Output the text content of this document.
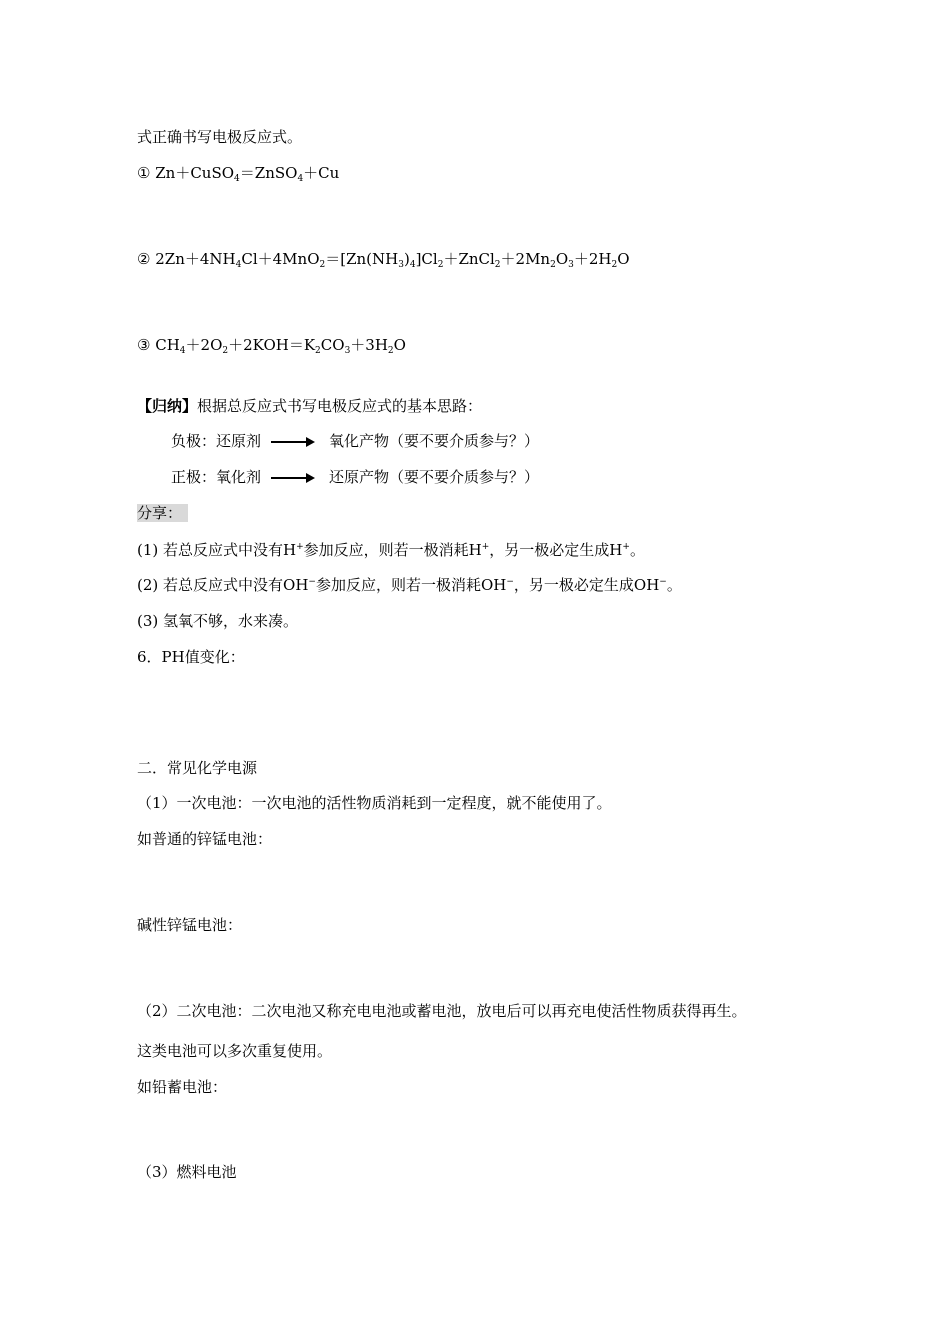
式正确书写电极反应式。
① Zn＋CuSO$_4$＝ZnSO$_4$＋Cu
② $2Zn+4NH_4Cl+4MnO_2=[Zn(NH_3)_4]Cl_2+ZnCl_2+2Mn_2O_3+2H_2O$
③ $CH_4+2O_2+2KOH=K_2CO_3+3H_2O$
【归纳】根据总反应式书写电极反应式的基本思路：
负极：还原剂	氧化产物（要不要介质参与？）
正极：氧化剂	还原产物（要不要介质参与？）
分享：
(1) 若总反应式中没有H+参加反应，则若一极消耗H+，另一极必定生成H+。
(2) 若总反应式中没有OH−参加反应，则若一极消耗OH−，另一极必定生成OH−。
(3) 氢氧不够，水来凑。
6．PH值变化：
二．常见化学电源
（1）一次电池：一次电池的活性物质消耗到一定程度，就不能使用了。
如普通的锌锰电池：
碱性锌锰电池：
（2）二次电池：二次电池又称充电电池或蓄电池，放电后可以再充电使活性物质获得再生。
这类电池可以多次重复使用。
如铅蓄电池：
（3）燃料电池
